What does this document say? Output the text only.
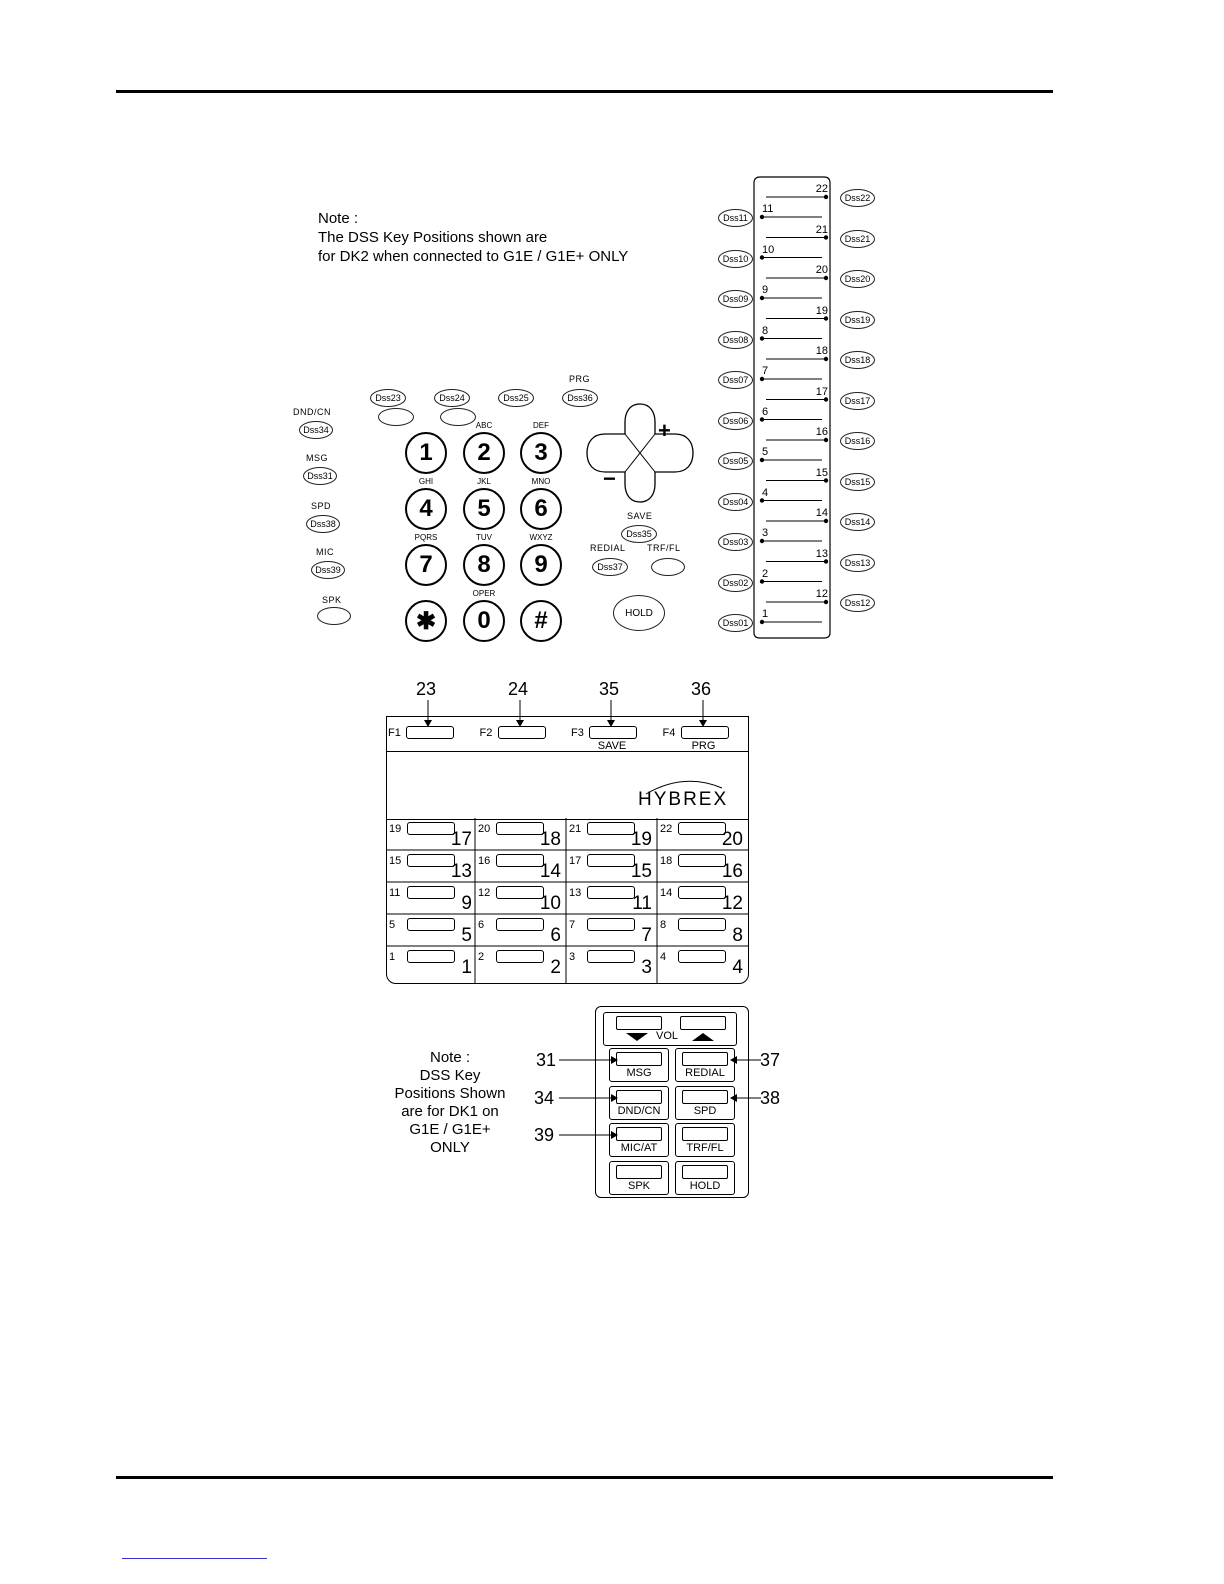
Note :
The DSS Key Positions shown are
for DK2 when connected to G1E / G1E+ ONLY
DND/CN
Dss34
MSG
Dss31
SPD
Dss38
MIC
Dss39
SPK
Dss23	Dss24	Dss25
PRG
Dss36
1
ABC
2
DEF
3
GHI
4
JKL
5
MNO
6
PQRS
7
TUV
8
WXYZ
9
✱
OPER
0	#
+
−
SAVE
Dss35
REDIAL
Dss37
TRF/FL
HOLD
22
11
21
10
20
9
19
8
18
7
17
6
16
5
15
4
14
3
13
2
12
1
Dss11
Dss10
Dss09
Dss08
Dss07
Dss06
Dss05
Dss04
Dss03
Dss02
Dss01
Dss22
Dss21
Dss20
Dss19
Dss18
Dss17
Dss16
Dss15
Dss14
Dss13
Dss12
23	24	35	36
F1	F2	F3
SAVE
F4
PRG
HYBREX
19	17 20	18 21	19 22	20
15	13 16	14 17	15 18	16
11	9 12	10 13	11 14	12
5	5 6	6 7	7 8	8
1	1 2	2 3	3 4	4
Note :
DSS Key
Positions Shown
are for DK1 on
G1E / G1E+
ONLY
VOL
MSG	REDIAL
DND/CN	SPD
MIC/AT	TRF/FL
SPK	HOLD
31	37
34	38
39
